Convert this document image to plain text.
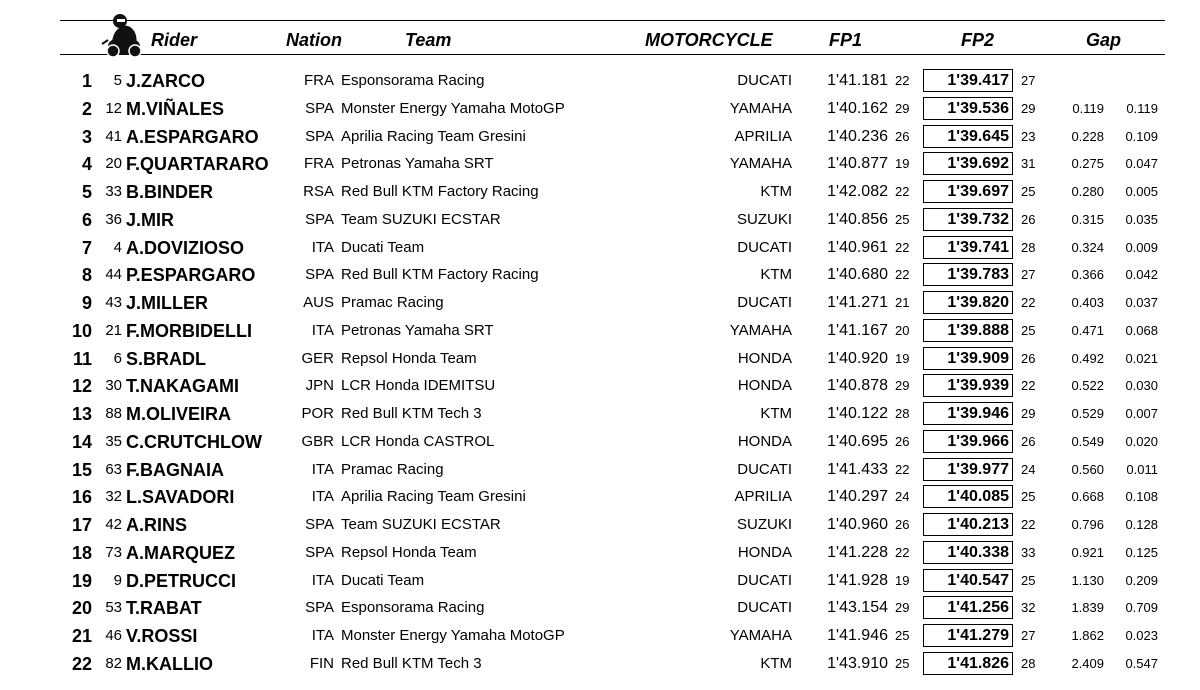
Rider	Nation	Team	MOTORCYCLE	FP1	FP2	Gap
1	5 J.ZARCO	FRA Esponsorama Racing	DUCATI	1'41.181 22	1'39.417 27
2 12 M.VIÑALES	SPA Monster Energy Yamaha MotoGP	YAMAHA	1'40.162 29	1'39.536 29	0.119	0.119
3 41 A.ESPARGARO	SPA Aprilia Racing Team Gresini	APRILIA	1'40.236 26	1'39.645 23	0.228	0.109
4 20 F.QUARTARARO	FRA Petronas Yamaha SRT	YAMAHA	1'40.877 19	1'39.692 31	0.275	0.047
5 33 B.BINDER	RSA Red Bull KTM Factory Racing	KTM	1'42.082 22	1'39.697 25	0.280	0.005
6 36 J.MIR	SPA Team SUZUKI ECSTAR	SUZUKI	1'40.856 25	1'39.732 26	0.315	0.035
7	4 A.DOVIZIOSO	ITA Ducati Team	DUCATI	1'40.961 22	1'39.741 28	0.324	0.009
8 44 P.ESPARGARO	SPA Red Bull KTM Factory Racing	KTM	1'40.680 22	1'39.783 27	0.366	0.042
9 43 J.MILLER	AUS Pramac Racing	DUCATI	1'41.271 21	1'39.820 22	0.403	0.037
10 21 F.MORBIDELLI	ITA Petronas Yamaha SRT	YAMAHA	1'41.167 20	1'39.888 25	0.471	0.068
11	6 S.BRADL	GER Repsol Honda Team	HONDA	1'40.920 19	1'39.909 26	0.492	0.021
12 30 T.NAKAGAMI	JPN LCR Honda IDEMITSU	HONDA	1'40.878 29	1'39.939 22	0.522	0.030
13 88 M.OLIVEIRA	POR Red Bull KTM Tech 3	KTM	1'40.122 28	1'39.946 29	0.529	0.007
14 35 C.CRUTCHLOW	GBR LCR Honda CASTROL	HONDA	1'40.695 26	1'39.966 26	0.549	0.020
15 63 F.BAGNAIA	ITA Pramac Racing	DUCATI	1'41.433 22	1'39.977 24	0.560	0.011
16 32 L.SAVADORI	ITA Aprilia Racing Team Gresini	APRILIA	1'40.297 24	1'40.085 25	0.668	0.108
17 42 A.RINS	SPA Team SUZUKI ECSTAR	SUZUKI	1'40.960 26	1'40.213 22	0.796	0.128
18 73 A.MARQUEZ	SPA Repsol Honda Team	HONDA	1'41.228 22	1'40.338 33	0.921	0.125
19	9 D.PETRUCCI	ITA Ducati Team	DUCATI	1'41.928 19	1'40.547 25	1.130	0.209
20 53 T.RABAT	SPA Esponsorama Racing	DUCATI	1'43.154 29	1'41.256 32	1.839	0.709
21 46 V.ROSSI	ITA Monster Energy Yamaha MotoGP	YAMAHA	1'41.946 25	1'41.279 27	1.862	0.023
22 82 M.KALLIO	FIN Red Bull KTM Tech 3	KTM	1'43.910 25	1'41.826 28	2.409	0.547
